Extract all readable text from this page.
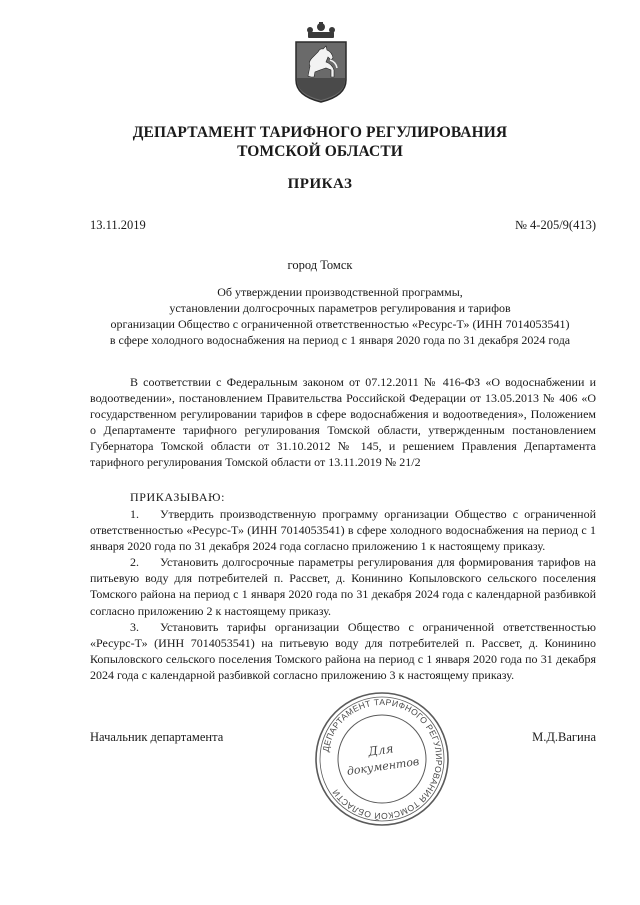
ДЕПАРТАМЕНТ ТАРИФНОГО РЕГУЛИРОВАНИЯ
ТОМСКОЙ ОБЛАСТИ
ПРИКАЗ
13.11.2019	№ 4-205/9(413)
город Томск
Об утверждении производственной программы,
установлении долгосрочных параметров регулирования и тарифов
организации Общество с ограниченной ответственностью «Ресурс-Т» (ИНН 7014053541)
в сфере холодного водоснабжения на период с 1 января 2020 года по 31 декабря 2024 года

В соответствии с Федеральным законом от 07.12.2011 № 416-ФЗ «О водоснабжении и водоотведении», постановлением Правительства Российской Федерации от 13.05.2013 № 406 «О государственном регулировании тарифов в сфере водоснабжения и водоотведения», Положением о Департаменте тарифного регулирования Томской области, утвержденным постановлением Губернатора Томской области от 31.10.2012 № 145, и решением Правления Департамента тарифного регулирования Томской области от 13.11.2019 № 21/2

ПРИКАЗЫВАЮ:

1. Утвердить производственную программу организации Общество с ограниченной ответственностью «Ресурс-Т» (ИНН 7014053541) в сфере холодного водоснабжения на период с 1 января 2020 года по 31 декабря 2024 года согласно приложению 1 к настоящему приказу.

2. Установить долгосрочные параметры регулирования для формирования тарифов на питьевую воду для потребителей п. Рассвет, д. Конинино Копыловского сельского поселения Томского района на период с 1 января 2020 года по 31 декабря 2024 года с календарной разбивкой согласно приложению 2 к настоящему приказу.

3. Установить тарифы организации Общество с ограниченной ответственностью «Ресурс-Т» (ИНН 7014053541) на питьевую воду для потребителей п. Рассвет, д. Конинино Копыловского сельского поселения Томского района на период с 1 января 2020 года по 31 декабря 2024 года с календарной разбивкой согласно приложению 3 к настоящему приказу.

Начальник департамента	М.Д.Вагина
ДЕПАРТАМЕНТ ТАРИФНОГО РЕГУЛИРОВАНИЯ ТОМСКОЙ ОБЛАСТИ
Для
документов
